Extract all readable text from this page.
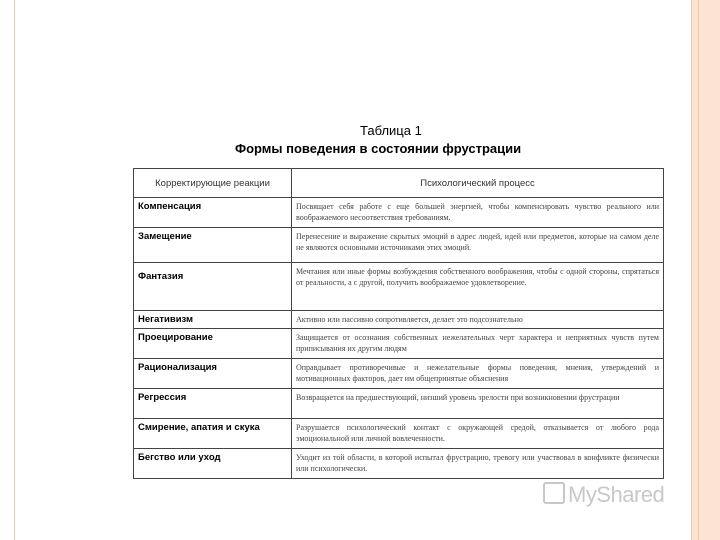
Таблица 1
Формы поведения в состоянии фрустрации
Корректирующие реакции	Психологический процесс
Компенсация	Посвящает себя работе с еще большей энергией, чтобы компенсировать чувство реального или воображаемого несоответствия требованиям.
Замещение	Перенесение и выражение скрытых эмоций в адрес людей, идей или предметов, которые на самом деле не являются основными источниками этих эмоций.
Фантазия	Мечтания или иные формы возбуждения собственного воображения, чтобы с одной стороны, спрятаться от реальности, а с другой, получить воображаемое удовлетворение.
Негативизм	Активно или пассивно сопротивляется, делает это подсознательно
Проецирование	Защищается от осознания собственных нежелательных черт характера и неприятных чувств путем приписывания их другим людям
Рационализация	Оправдывает противоречивые и нежелательные формы поведения, мнения, утверждений и мотивационных факторов, дает им общепринятые объяснения
Регрессия	Возвращается на предшествующий, низший уровень зрелости при возникновении фрустрации
Смирение, апатия и скука	Разрушается психологический контакт с окружающей средой, отказывается от любого рода эмоциональной или личной вовлеченности.
Бегство или уход	Уходит из той области, в которой испытал фрустрацию, тревогу или участвовал в конфликте физически или психологически.
MyShared
